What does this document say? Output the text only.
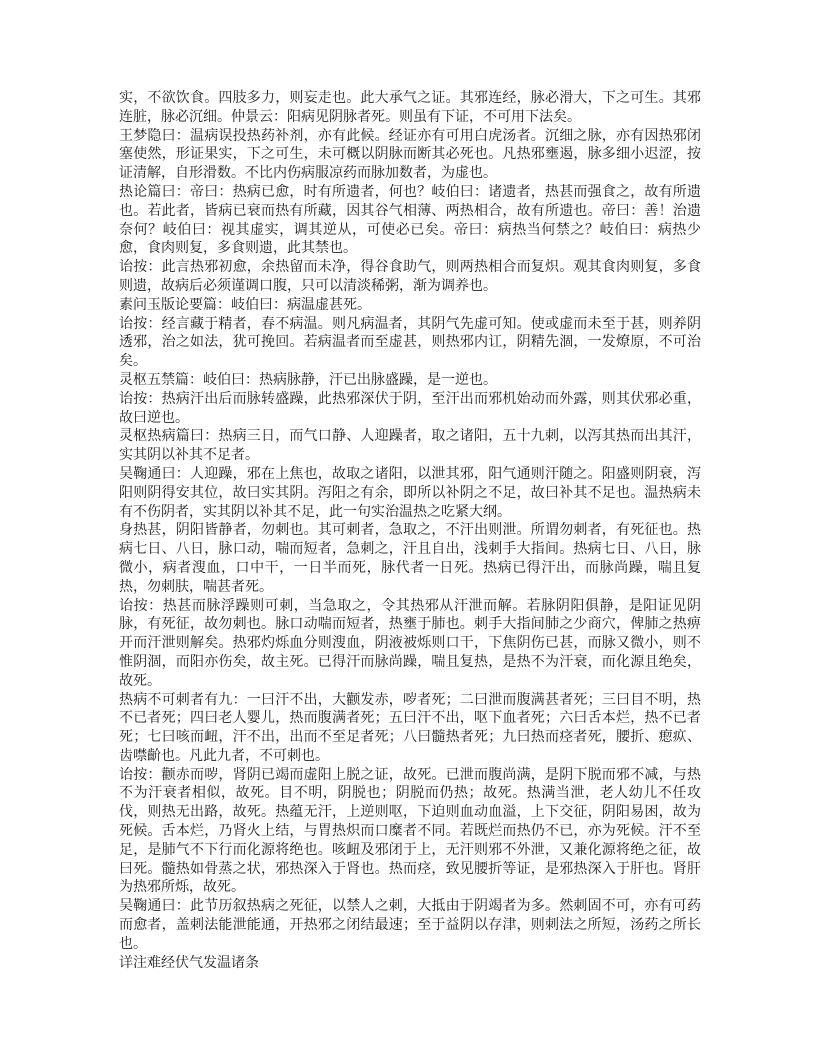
实，不欲饮食。四肢多力，则妄走也。此大承气之证。其邪连经，脉必滑大，下之可生。其邪连脏，脉必沉细。仲景云：阳病见阴脉者死。则虽有下证，不可用下法矣。

王梦隐曰：温病误投热药补剂，亦有此候。经证亦有可用白虎汤者。沉细之脉，亦有因热邪闭塞使然，形证果实，下之可生，未可概以阴脉而断其必死也。凡热邪壅遏，脉多细小迟涩，按证清解，自形滑数。不比内伤病服凉药而脉加数者，为虚也。

热论篇曰：帝曰：热病已愈，时有所遗者，何也？岐伯曰：诸遗者，热甚而强食之，故有所遗也。若此者，皆病已衰而热有所藏，因其谷气相薄、两热相合，故有所遗也。帝曰：善！治遗奈何？岐伯曰：视其虚实，调其逆从，可使必已矣。帝曰：病热当何禁之？岐伯曰：病热少愈，食肉则复，多食则遗，此其禁也。

诒按：此言热邪初愈，余热留而未净，得谷食助气，则两热相合而复炽。观其食肉则复，多食则遗，故病后必须谨调口腹，只可以清淡稀粥，渐为调养也。

素问玉版论要篇：岐伯曰：病温虚甚死。

诒按：经言藏于精者，春不病温。则凡病温者，其阴气先虚可知。使或虚而未至于甚，则养阴透邪，治之如法，犹可挽回。若病温者而至虚甚，则热邪内讧，阴精先涸，一发燎原，不可治矣。

灵枢五禁篇：岐伯曰：热病脉静，汗已出脉盛躁，是一逆也。

诒按：热病汗出后而脉转盛躁，此热邪深伏于阴，至汗出而邪机始动而外露，则其伏邪必重，故曰逆也。

灵枢热病篇曰：热病三日，而气口静、人迎躁者，取之诸阳，五十九刺，以泻其热而出其汗，实其阴以补其不足者。

吴鞠通曰：人迎躁，邪在上焦也，故取之诸阳，以泄其邪，阳气通则汗随之。阳盛则阴衰，泻阳则阴得安其位，故曰实其阴。泻阳之有余，即所以补阴之不足，故曰补其不足也。温热病未有不伤阴者，实其阴以补其不足，此一句实治温热之吃紧大纲。

身热甚，阴阳皆静者，勿刺也。其可刺者，急取之，不汗出则泄。所谓勿刺者，有死征也。热病七日、八日，脉口动，喘而短者，急刺之，汗且自出，浅刺手大指间。热病七日、八日，脉微小，病者溲血，口中干，一日半而死，脉代者一日死。热病已得汗出，而脉尚躁，喘且复热，勿刺肤，喘甚者死。

诒按：热甚而脉浮躁则可刺，当急取之，令其热邪从汗泄而解。若脉阴阳俱静，是阳证见阴脉，有死征，故勿刺也。脉口动喘而短者，热壅于肺也。刺手大指间肺之少商穴，俾肺之热痹开而汗泄则解矣。热邪灼烁血分则溲血，阴液被烁则口干，下焦阴伤已甚，而脉又微小，则不惟阴涸，而阳亦伤矣，故主死。已得汗而脉尚躁，喘且复热，是热不为汗衰，而化源且绝矣，故死。

热病不可刺者有九：一曰汗不出，大颧发赤，哕者死；二曰泄而腹满甚者死；三曰目不明，热不已者死；四曰老人婴儿，热而腹满者死；五曰汗不出，呕下血者死；六曰舌本烂，热不已者死；七曰咳而衄，汗不出，出而不至足者死；八曰髓热者死；九曰热而痉者死，腰折、瘛疭、齿噤齘也。凡此九者，不可刺也。

诒按：颧赤而哕，肾阴已竭而虚阳上脱之证，故死。已泄而腹尚满，是阴下脱而邪不减，与热不为汗衰者相似，故死。目不明，阴脱也；阴脱而仍热；故死。热满当泄，老人幼儿不任攻伐，则热无出路，故死。热蕴无汗，上逆则呕，下迫则血动血溢，上下交征，阴阳易困，故为死候。舌本烂，乃肾火上结，与胃热炽而口糜者不同。若既烂而热仍不已，亦为死候。汗不至足，是肺气不下行而化源将绝也。咳衄及邪闭于上，无汗则邪不外泄，又兼化源将绝之征，故曰死。髓热如骨蒸之状，邪热深入于肾也。热而痉，致见腰折等证，是邪热深入于肝也。肾肝为热邪所烁，故死。

吴鞠通曰：此节历叙热病之死征，以禁人之刺，大抵由于阴竭者为多。然刺固不可，亦有可药而愈者，盖刺法能泄能通，开热邪之闭结最速；至于益阴以存津，则刺法之所短，汤药之所长也。

详注难经伏气发温诸条
